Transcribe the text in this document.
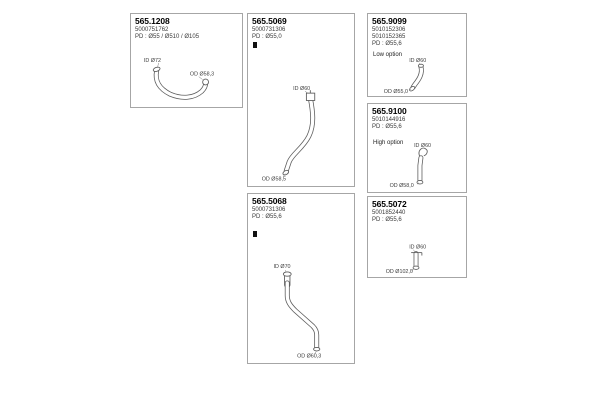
565.1208
5000751762
PD : Ø55 / Ø510 / Ø105
ID Ø72
OD Ø58,3
565.5069
5000731306
PD : Ø55,0
ID Ø60
OD Ø58,5
565.5068
5000731306
PD : Ø55,6
ID Ø70
OD Ø60,3
565.9099
5010152306
5010152365
PD : Ø55,6
Low option
ID Ø60
OD Ø55,0
565.9100
5010144916
PD : Ø55,6
High option
ID Ø60
OD Ø58,0
565.5072
5001852440
PD : Ø55,6
ID Ø60
OD Ø102,0
